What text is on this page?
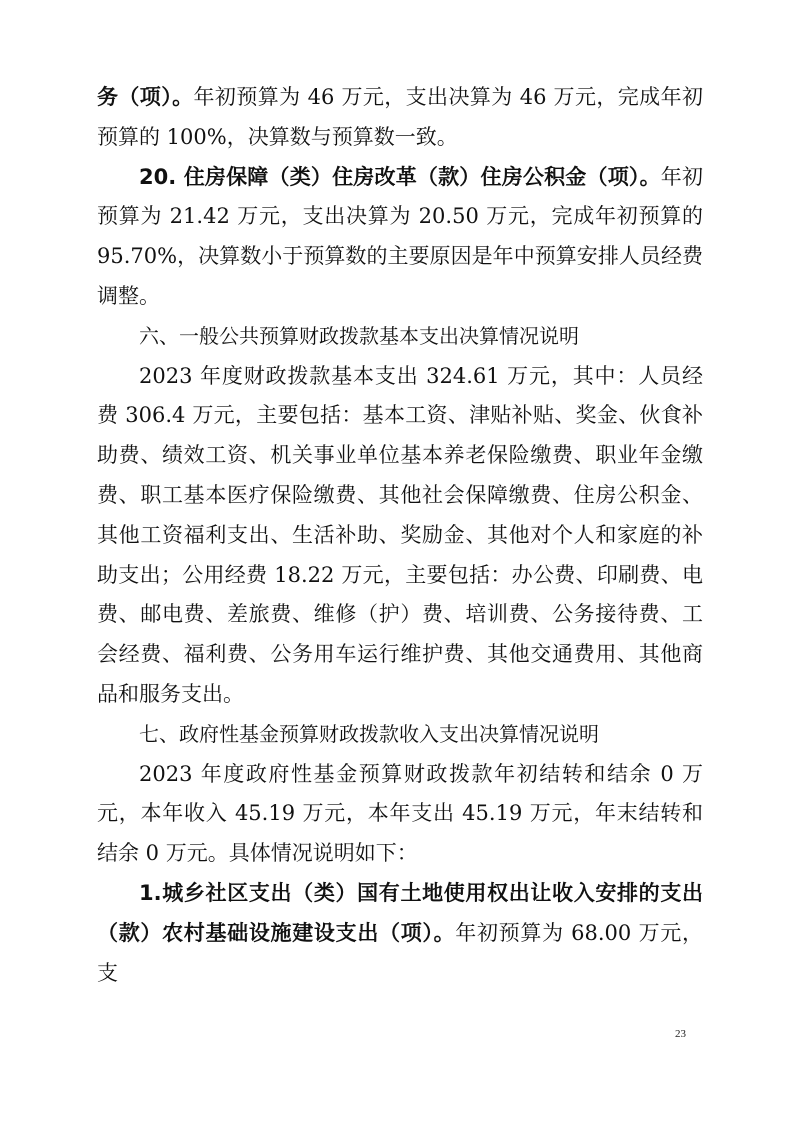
务（项）。年初预算为 46 万元，支出决算为 46 万元，完成年初预算的 100%，决算数与预算数一致。

20. 住房保障（类）住房改革（款）住房公积金（项）。年初预算为 21.42 万元，支出决算为 20.50 万元，完成年初预算的 95.70%，决算数小于预算数的主要原因是年中预算安排人员经费调整。

六、一般公共预算财政拨款基本支出决算情况说明

2023 年度财政拨款基本支出 324.61 万元，其中：人员经费 306.4 万元，主要包括：基本工资、津贴补贴、奖金、伙食补助费、绩效工资、机关事业单位基本养老保险缴费、职业年金缴费、职工基本医疗保险缴费、其他社会保障缴费、住房公积金、其他工资福利支出、生活补助、奖励金、其他对个人和家庭的补助支出；公用经费 18.22 万元，主要包括：办公费、印刷费、电费、邮电费、差旅费、维修（护）费、培训费、公务接待费、工会经费、福利费、公务用车运行维护费、其他交通费用、其他商品和服务支出。

七、政府性基金预算财政拨款收入支出决算情况说明

2023 年度政府性基金预算财政拨款年初结转和结余 0 万元，本年收入 45.19 万元，本年支出 45.19 万元，年末结转和结余 0 万元。具体情况说明如下：

1.城乡社区支出（类）国有土地使用权出让收入安排的支出（款）农村基础设施建设支出（项）。年初预算为 68.00 万元，支

23
